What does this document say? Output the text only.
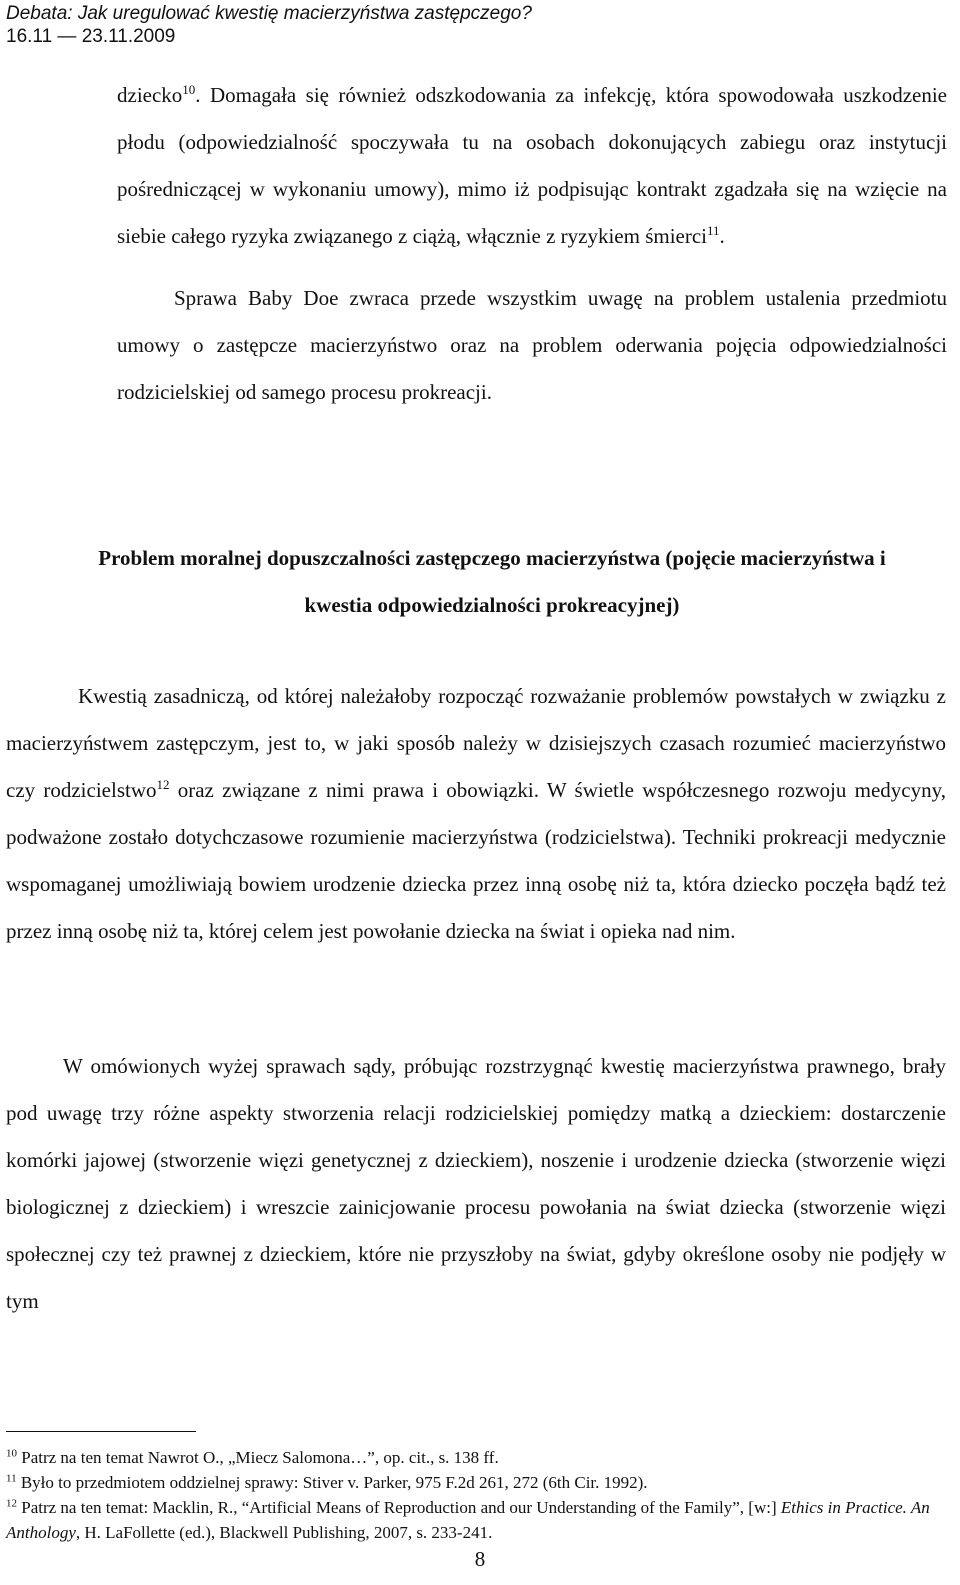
Debata: Jak uregulować kwestię macierzyństwa zastępczego?
16.11 — 23.11.2009

dziecko$^{10}$. Domagała się również odszkodowania za infekcję, która spowodowała uszkodzenie płodu (odpowiedzialność spoczywała tu na osobach dokonujących zabiegu oraz instytucji pośredniczącej w wykonaniu umowy), mimo iż podpisując kontrakt zgadzała się na wzięcie na siebie całego ryzyka związanego z ciążą, włącznie z ryzykiem śmierci$^{11}$.

Sprawa Baby Doe zwraca przede wszystkim uwagę na problem ustalenia przedmiotu umowy o zastępcze macierzyństwo oraz na problem oderwania pojęcia odpowiedzialności rodzicielskiej od samego procesu prokreacji.

Problem moralnej dopuszczalności zastępczego macierzyństwa (pojęcie macierzyństwa i kwestia odpowiedzialności prokreacyjnej)

Kwestią zasadniczą, od której należałoby rozpocząć rozważanie problemów powstałych w związku z macierzyństwem zastępczym, jest to, w jaki sposób należy w dzisiejszych czasach rozumieć macierzyństwo czy rodzicielstwo$^{12}$ oraz związane z nimi prawa i obowiązki. W świetle współczesnego rozwoju medycyny, podważone zostało dotychczasowe rozumienie macierzyństwa (rodzicielstwa). Techniki prokreacji medycznie wspomaganej umożliwiają bowiem urodzenie dziecka przez inną osobę niż ta, która dziecko poczęła bądź też przez inną osobę niż ta, której celem jest powołanie dziecka na świat i opieka nad nim.

W omówionych wyżej sprawach sądy, próbując rozstrzygnąć kwestię macierzyństwa prawnego, brały pod uwagę trzy różne aspekty stworzenia relacji rodzicielskiej pomiędzy matką a dzieckiem: dostarczenie komórki jajowej (stworzenie więzi genetycznej z dzieckiem), noszenie i urodzenie dziecka (stworzenie więzi biologicznej z dzieckiem) i wreszcie zainicjowanie procesu powołania na świat dziecka (stworzenie więzi społecznej czy też prawnej z dzieckiem, które nie przyszłoby na świat, gdyby określone osoby nie podjęły w tym

$^{10}$ Patrz na ten temat Nawrot O., „Miecz Salomona…”, op. cit., s. 138 ff.

$^{11}$ Było to przedmiotem oddzielnej sprawy: Stiver v. Parker, 975 F.2d 261, 272 (6th Cir. 1992).

$^{12}$ Patrz na ten temat: Macklin, R., “Artificial Means of Reproduction and our Understanding of the Family”, [w:] Ethics in Practice. An Anthology, H. LaFollette (ed.), Blackwell Publishing, 2007, s. 233-241.

8
